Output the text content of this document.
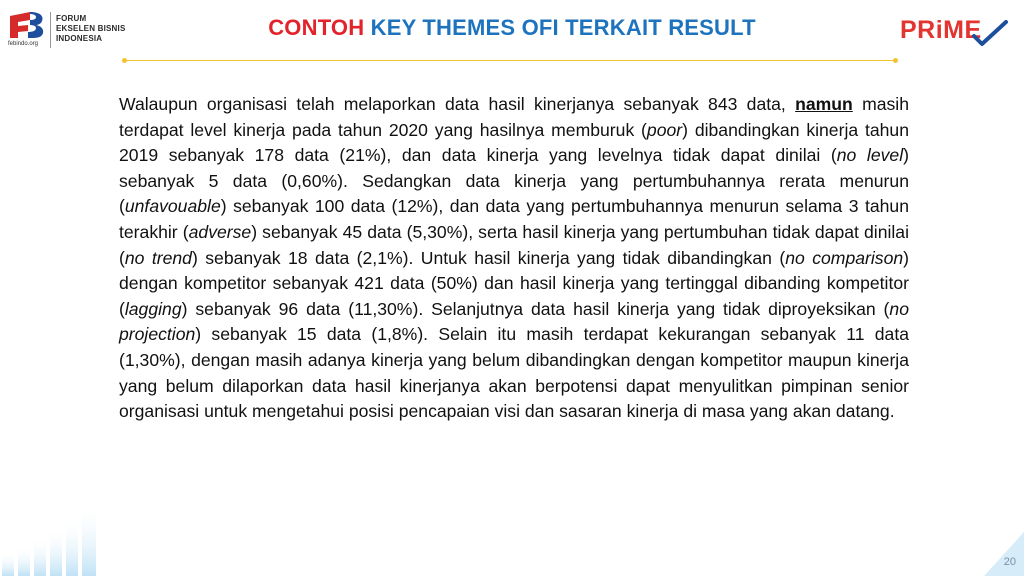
febindo.org
FORUM
EKSELEN BISNIS
INDONESIA	CONTOH KEY THEMES OFI TERKAIT RESULT	PRiME

Walaupun organisasi telah melaporkan data hasil kinerjanya sebanyak 843 data, namun masih terdapat level kinerja pada tahun 2020 yang hasilnya memburuk (poor) dibandingkan kinerja tahun 2019 sebanyak 178 data (21%), dan data kinerja yang levelnya tidak dapat dinilai (no level) sebanyak 5 data (0,60%). Sedangkan data kinerja yang pertumbuhannya rerata menurun (unfavouable) sebanyak 100 data (12%), dan data yang pertumbuhannya menurun selama 3 tahun terakhir (adverse) sebanyak 45 data (5,30%), serta hasil kinerja yang pertumbuhan tidak dapat dinilai (no trend) sebanyak 18 data (2,1%). Untuk hasil kinerja yang tidak dibandingkan (no comparison) dengan kompetitor sebanyak 421 data (50%) dan hasil kinerja yang tertinggal dibanding kompetitor (lagging) sebanyak 96 data (11,30%). Selanjutnya data hasil kinerja yang tidak diproyeksikan (no projection) sebanyak 15 data (1,8%). Selain itu masih terdapat kekurangan sebanyak 11 data (1,30%), dengan masih adanya kinerja yang belum dibandingkan dengan kompetitor maupun kinerja yang belum dilaporkan data hasil kinerjanya akan berpotensi dapat menyulitkan pimpinan senior organisasi untuk mengetahui posisi pencapaian visi dan sasaran kinerja di masa yang akan datang.

20
